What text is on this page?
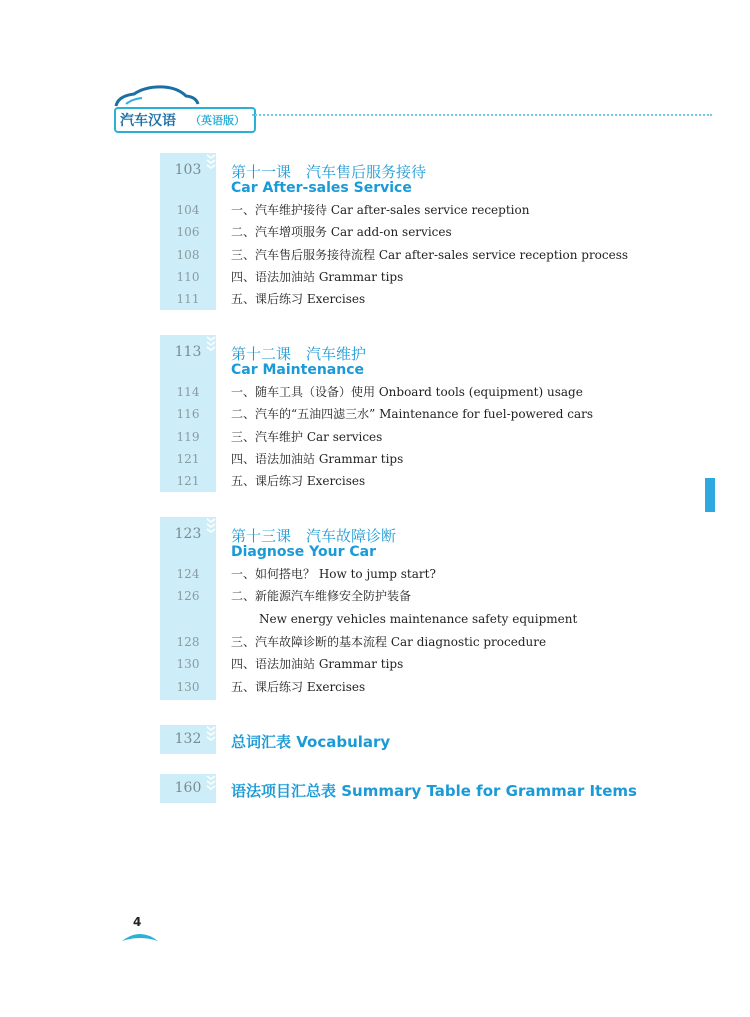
汽车汉语 （英语版）
103	第十一课　汽车售后服务接待
Car After-sales Service
104	一、汽车维护接待 Car after-sales service reception
106	二、汽车增项服务 Car add-on services
108	三、汽车售后服务接待流程 Car after-sales service reception process
110	四、语法加油站 Grammar tips
111	五、课后练习 Exercises
113	第十二课　汽车维护
Car Maintenance
114	一、随车工具（设备）使用 Onboard tools (equipment) usage
116	二、汽车的“五油四滤三水” Maintenance for fuel-powered cars
119	三、汽车维护 Car services
121	四、语法加油站 Grammar tips
121	五、课后练习 Exercises
123	第十三课　汽车故障诊断
Diagnose Your Car
124	一、如何搭电？ How to jump start?
126	二、新能源汽车维修安全防护装备
New energy vehicles maintenance safety equipment
128	三、汽车故障诊断的基本流程 Car diagnostic procedure
130	四、语法加油站 Grammar tips
130	五、课后练习 Exercises
132	总词汇表 Vocabulary
160	语法项目汇总表 Summary Table for Grammar Items
4
